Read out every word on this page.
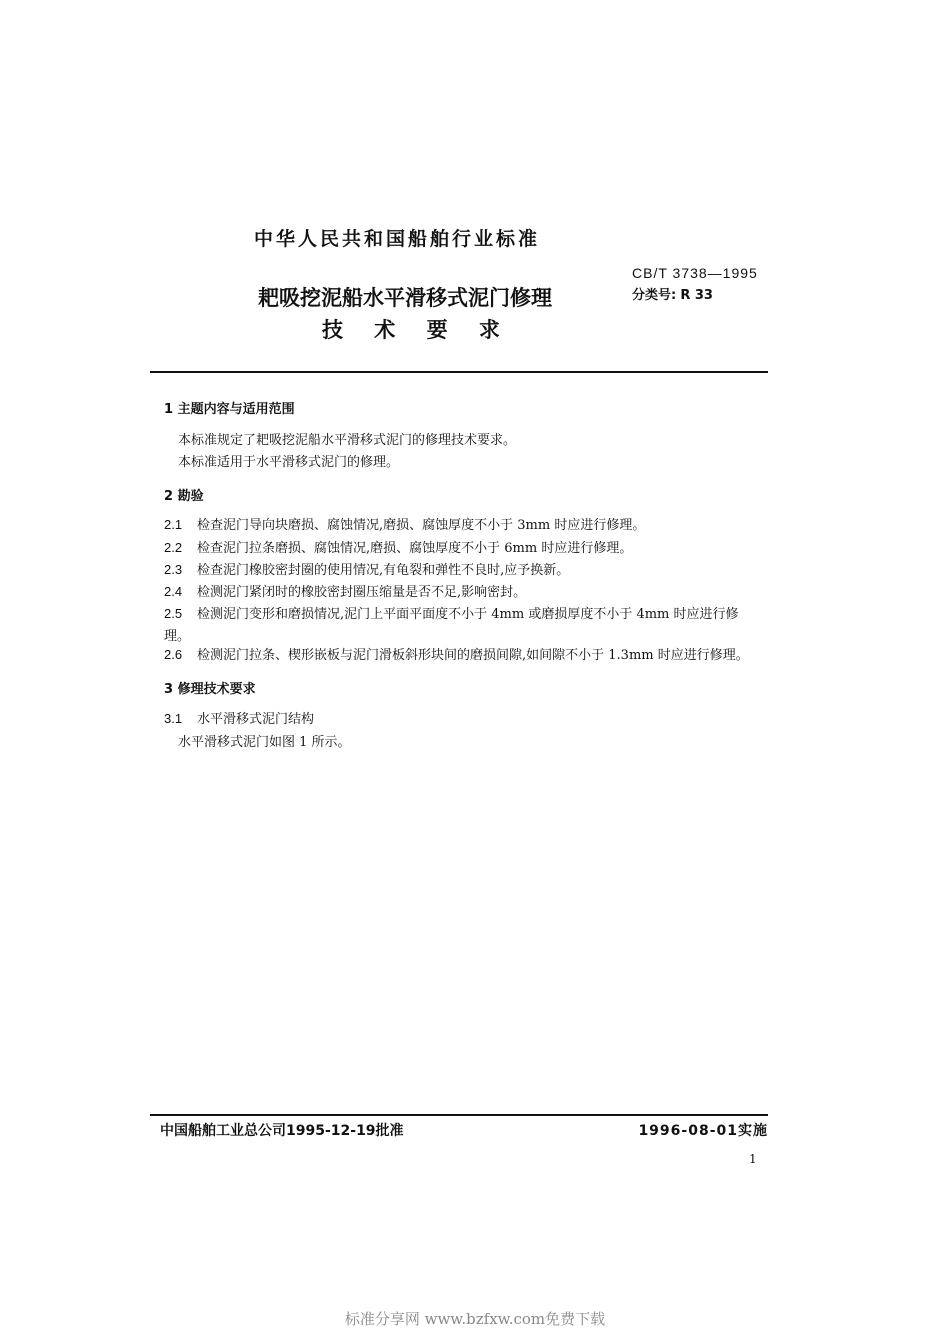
中华人民共和国船舶行业标准
耙吸挖泥船水平滑移式泥门修理
技 术 要 求
CB/T 3738—1995
分类号: R 33
1 主题内容与适用范围
本标准规定了耙吸挖泥船水平滑移式泥门的修理技术要求。
本标准适用于水平滑移式泥门的修理。
2 勘验
2.1 检查泥门导向块磨损、腐蚀情况,磨损、腐蚀厚度不小于 3mm 时应进行修理。
2.2 检查泥门拉条磨损、腐蚀情况,磨损、腐蚀厚度不小于 6mm 时应进行修理。
2.3 检查泥门橡胶密封圈的使用情况,有龟裂和弹性不良时,应予换新。
2.4 检测泥门紧闭时的橡胶密封圈压缩量是否不足,影响密封。
2.5 检测泥门变形和磨损情况,泥门上平面平面度不小于 4mm 或磨损厚度不小于 4mm 时应进行修
理。
2.6 检测泥门拉条、楔形嵌板与泥门滑板斜形块间的磨损间隙,如间隙不小于 1.3mm 时应进行修理。
3 修理技术要求
3.1 水平滑移式泥门结构
水平滑移式泥门如图 1 所示。
中国船舶工业总公司1995-12-19批准	1996-08-01实施
1
标准分享网 www.bzfxw.com免费下载
